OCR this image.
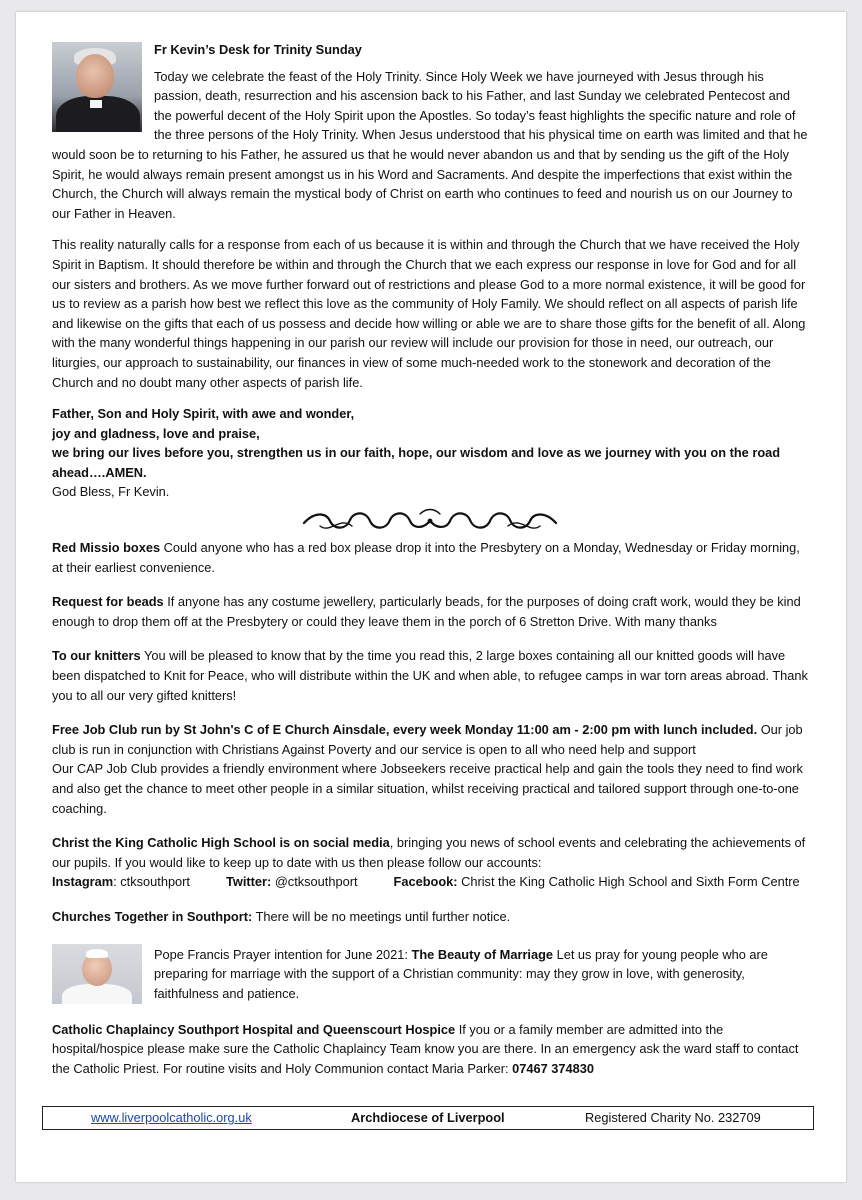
Fr Kevin’s Desk for Trinity Sunday

Today we celebrate the feast of the Holy Trinity. Since Holy Week we have journeyed with Jesus through his passion, death, resurrection and his ascension back to his Father, and last Sunday we celebrated Pentecost and the powerful decent of the Holy Spirit upon the Apostles. So today’s feast highlights the specific nature and role of the three persons of the Holy Trinity. When Jesus understood that his physical time on earth was limited and that he would soon be to returning to his Father, he assured us that he would never abandon us and that by sending us the gift of the Holy Spirit, he would always remain present amongst us in his Word and Sacraments. And despite the imperfections that exist within the Church, the Church will always remain the mystical body of Christ on earth who continues to feed and nourish us on our Journey to our Father in Heaven.

This reality naturally calls for a response from each of us because it is within and through the Church that we have received the Holy Spirit in Baptism. It should therefore be within and through the Church that we each express our response in love for God and for all our sisters and brothers. As we move further forward out of restrictions and please God to a more normal existence, it will be good for us to review as a parish how best we reflect this love as the community of Holy Family. We should reflect on all aspects of parish life and likewise on the gifts that each of us possess and decide how willing or able we are to share those gifts for the benefit of all. Along with the many wonderful things happening in our parish our review will include our provision for those in need, our outreach, our liturgies, our approach to sustainability, our finances in view of some much-needed work to the stonework and decoration of the Church and no doubt many other aspects of parish life.

Father, Son and Holy Spirit, with awe and wonder,

joy and gladness, love and praise,

we bring our lives before you, strengthen us in our faith, hope, our wisdom and love as we journey with you on the road ahead….AMEN.

God Bless, Fr Kevin.

Red Missio boxes Could anyone who has a red box please drop it into the Presbytery on a Monday, Wednesday or Friday morning, at their earliest convenience.

Request for beads If anyone has any costume jewellery, particularly beads, for the purposes of doing craft work, would they be kind enough to drop them off at the Presbytery or could they leave them in the porch of 6 Stretton Drive. With many thanks

To our knitters You will be pleased to know that by the time you read this, 2 large boxes containing all our knitted goods will have been dispatched to Knit for Peace, who will distribute within the UK and when able, to refugee camps in war torn areas abroad. Thank you to all our very gifted knitters!

Free Job Club run by St John's C of E Church Ainsdale, every week Monday 11:00 am - 2:00 pm with lunch included. Our job club is run in conjunction with Christians Against Poverty and our service is open to all who need help and support

Our CAP Job Club provides a friendly environment where Jobseekers receive practical help and gain the tools they need to find work and also get the chance to meet other people in a similar situation, whilst receiving practical and tailored support through one-to-one coaching.

Christ the King Catholic High School is on social media, bringing you news of school events and celebrating the achievements of our pupils. If you would like to keep up to date with us then please follow our accounts:

Instagram: ctksouthport	Twitter: @ctksouthport	Facebook: Christ the King Catholic High School and Sixth Form Centre

Churches Together in Southport: There will be no meetings until further notice.

Pope Francis Prayer intention for June 2021: The Beauty of Marriage Let us pray for young people who are preparing for marriage with the support of a Christian community: may they grow in love, with generosity, faithfulness and patience.

Catholic Chaplaincy Southport Hospital and Queenscourt Hospice If you or a family member are admitted into the hospital/hospice please make sure the Catholic Chaplaincy Team know you are there. In an emergency ask the ward staff to contact the Catholic Priest. For routine visits and Holy Communion contact Maria Parker: 07467 374830

www.liverpoolcatholic.org.uk	Archdiocese of Liverpool	Registered Charity No. 232709
